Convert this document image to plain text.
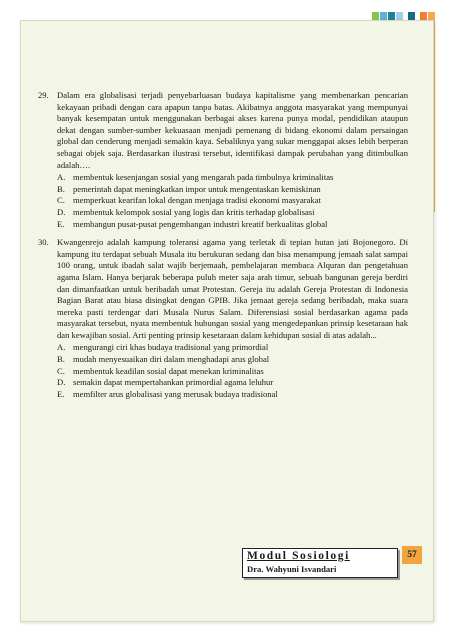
29. Dalam era globalisasi terjadi penyebarluasan budaya kapitalisme yang membenarkan pencarian kekayaan pribadi dengan cara apapun tanpa batas. Akibatnya anggota masyarakat yang mempunyai banyak kesempatan untuk menggunakan berbagai akses karena punya modal, pendidikan ataupun dekat dengan sumber-sumber kekuasaan menjadi pemenang di bidang ekonomi dalam persaingan global dan cenderung menjadi semakin kaya. Sebaliknya yang sukar menggapai akses lebih berperan sebagai objek saja. Berdasarkan ilustrasi tersebut, identifikasi dampak perubahan yang ditimbulkan adalah….
A. membentuk kesenjangan sosial yang mengarah pada timbulnya kriminalitas
B. pemerintah dapat meningkatkan impor untuk mengentaskan kemiskinan
C. memperkuat kearifan lokal dengan menjaga tradisi ekonomi masyarakat
D. membentuk kelompok sosial yang logis dan kritis terhadap globalisasi
E. membangun pusat-pusat pengembangan industri kreatif berkualitas global
30. Kwangenrejo adalah kampung toleransi agama yang terletak di tepian hutan jati Bojonegoro. Di kampung itu terdapat sebuah Musala itu berukuran sedang dan bisa menampung jemaah salat sampai 100 orang, untuk ibadah salat wajib berjemaah, pembelajaran membaca Alquran dan pengetahuan agama Islam. Hanya berjarak beberapa puluh meter saja arah timur, sebuah bangunan gereja berdiri dan dimanfaatkan untuk beribadah umat Protestan. Gereja itu adalah Gereja Protestan di Indonesia Bagian Barat atau biasa disingkat dengan GPIB. Jika jemaat gereja sedang beribadah, maka suara mereka pasti terdengar dari Musala Nurus Salam. Diferensiasi sosial berdasarkan agama pada masyarakat tersebut, nyata membentuk hubungan sosial yang mengedepankan prinsip kesetaraan hak dan kewajiban sosial. Arti penting prinsip kesetaraan dalam kehidupan sosial di atas adalah...
A. mengurangi ciri khas budaya tradisional yang primordial
B. mudah menyesuaikan diri dalam menghadapi arus global
C. membentuk keadilan sosial dapat menekan kriminalitas
D. semakin dapat mempertahankan primordial agama leluhur
E. memfilter arus globalisasi yang merusak budaya tradisional
Modul Sosiologi
Dra. Wahyuni Isvandari
57
